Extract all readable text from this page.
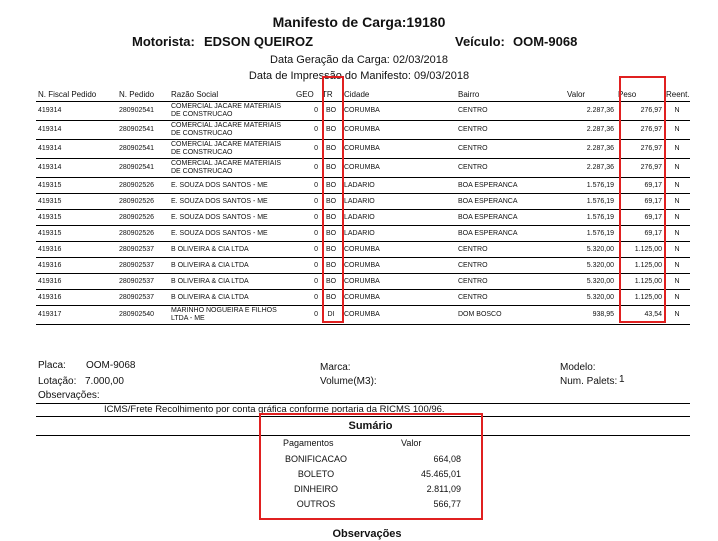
Manifesto de Carga:19180
Motorista: EDSON QUEIROZ	Veículo: OOM-9068
Data Geração da Carga: 02/03/2018
Data de Impressão do Manifesto: 09/03/2018
N. Fiscal Pedido	N. Pedido	Razão Social	GEO	TR	Cidade	Bairro	Valor	Peso	Reent.
419314	280902541	COMERCIAL JACARE MATERIAIS DE CONSTRUCAO	0	BO	CORUMBA	CENTRO	2.287,36	276,97	N
419314	280902541	COMERCIAL JACARE MATERIAIS DE CONSTRUCAO	0	BO	CORUMBA	CENTRO	2.287,36	276,97	N
419314	280902541	COMERCIAL JACARE MATERIAIS DE CONSTRUCAO	0	BO	CORUMBA	CENTRO	2.287,36	276,97	N
419314	280902541	COMERCIAL JACARE MATERIAIS DE CONSTRUCAO	0	BO	CORUMBA	CENTRO	2.287,36	276,97	N
419315	280902526	E. SOUZA DOS SANTOS - ME	0	BO	LADARIO	BOA ESPERANCA	1.576,19	69,17	N
419315	280902526	E. SOUZA DOS SANTOS - ME	0	BO	LADARIO	BOA ESPERANCA	1.576,19	69,17	N
419315	280902526	E. SOUZA DOS SANTOS - ME	0	BO	LADARIO	BOA ESPERANCA	1.576,19	69,17	N
419315	280902526	E. SOUZA DOS SANTOS - ME	0	BO	LADARIO	BOA ESPERANCA	1.576,19	69,17	N
419316	280902537	B OLIVEIRA & CIA LTDA	0	BO	CORUMBA	CENTRO	5.320,00	1.125,00	N
419316	280902537	B OLIVEIRA & CIA LTDA	0	BO	CORUMBA	CENTRO	5.320,00	1.125,00	N
419316	280902537	B OLIVEIRA & CIA LTDA	0	BO	CORUMBA	CENTRO	5.320,00	1.125,00	N
419316	280902537	B OLIVEIRA & CIA LTDA	0	BO	CORUMBA	CENTRO	5.320,00	1.125,00	N
419317	280902540	MARINHO NOGUEIRA E FILHOS LTDA - ME	0	DI	CORUMBA	DOM BOSCO	938,95	43,54	N
Placa: OOM-9068	Marca:	Modelo:
Lotação: 7.000,00	Volume(M3):	Num. Palets: 1
Observações:
ICMS/Frete Recolhimento por conta gráfica conforme portaria da RICMS 100/96.
Sumário
Pagamentos	Valor
BONIFICACAO	664,08
BOLETO	45.465,01
DINHEIRO	2.811,09
OUTROS	566,77
Observações
